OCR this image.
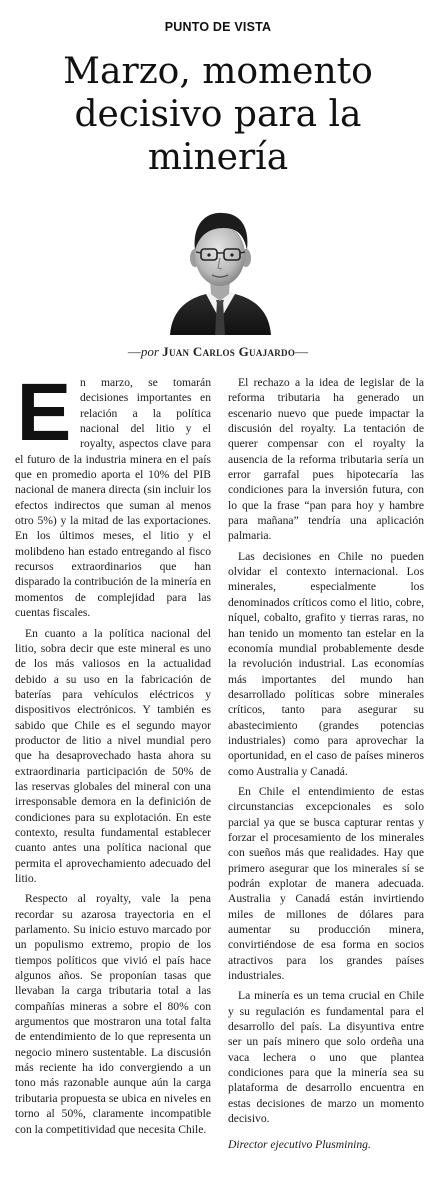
PUNTO DE VISTA
Marzo, momento decisivo para la minería
—por Juan Carlos Guajardo—

E n marzo, se tomarán decisiones importantes en relación a la política nacional del litio y el royalty, aspectos clave para el futuro de la industria minera en el país que en promedio aporta el 10% del PIB nacional de manera directa (sin incluir los efectos indirectos que suman al menos otro 5%) y la mitad de las exportaciones. En los últimos meses, el litio y el molibdeno han estado entregando al fisco recursos extraordinarios que han disparado la contribución de la minería en momentos de complejidad para las cuentas fiscales.

En cuanto a la política nacional del litio, sobra decir que este mineral es uno de los más valiosos en la actualidad debido a su uso en la fabricación de baterías para vehículos eléctricos y dispositivos electrónicos. Y también es sabido que Chile es el segundo mayor productor de litio a nivel mundial pero que ha desaprovechado hasta ahora su extraordinaria participación de 50% de las reservas globales del mineral con una irresponsable demora en la definición de condiciones para su explotación. En este contexto, resulta fundamental establecer cuanto antes una política nacional que permita el aprovechamiento adecuado del litio.

Respecto al royalty, vale la pena recordar su azarosa trayectoria en el parlamento. Su inicio estuvo marcado por un populismo extremo, propio de los tiempos políticos que vivió el país hace algunos años. Se proponían tasas que llevaban la carga tributaria total a las compañías mineras a sobre el 80% con argumentos que mostraron una total falta de entendimiento de lo que representa un negocio minero sustentable. La discusión más reciente ha ido convergiendo a un tono más razonable aunque aún la carga tributaria propuesta se ubica en niveles en torno al 50%, claramente incompatible con la competitividad que necesita Chile.

El rechazo a la idea de legislar de la reforma tributaria ha generado un escenario nuevo que puede impactar la discusión del royalty. La tentación de querer compensar con el royalty la ausencia de la reforma tributaria sería un error garrafal pues hipotecaría las condiciones para la inversión futura, con lo que la frase “pan para hoy y hambre para mañana” tendría una aplicación palmaria.

Las decisiones en Chile no pueden olvidar el contexto internacional. Los minerales, especialmente los denominados críticos como el litio, cobre, níquel, cobalto, grafito y tierras raras, no han tenido un momento tan estelar en la economía mundial probablemente desde la revolución industrial. Las economías más importantes del mundo han desarrollado políticas sobre minerales críticos, tanto para asegurar su abastecimiento (grandes potencias industriales) como para aprovechar la oportunidad, en el caso de países mineros como Australia y Canadá.

En Chile el entendimiento de estas circunstancias excepcionales es solo parcial ya que se busca capturar rentas y forzar el procesamiento de los minerales con sueños más que realidades. Hay que primero asegurar que los minerales sí se podrán explotar de manera adecuada. Australia y Canadá están invirtiendo miles de millones de dólares para aumentar su producción minera, convirtiéndose de esa forma en socios atractivos para los grandes países industriales.

La minería es un tema crucial en Chile y su regulación es fundamental para el desarrollo del país. La disyuntiva entre ser un país minero que solo ordeña una vaca lechera o uno que plantea condiciones para que la minería sea su plataforma de desarrollo encuentra en estas decisiones de marzo un momento decisivo.

Director ejecutivo Plusmining.
